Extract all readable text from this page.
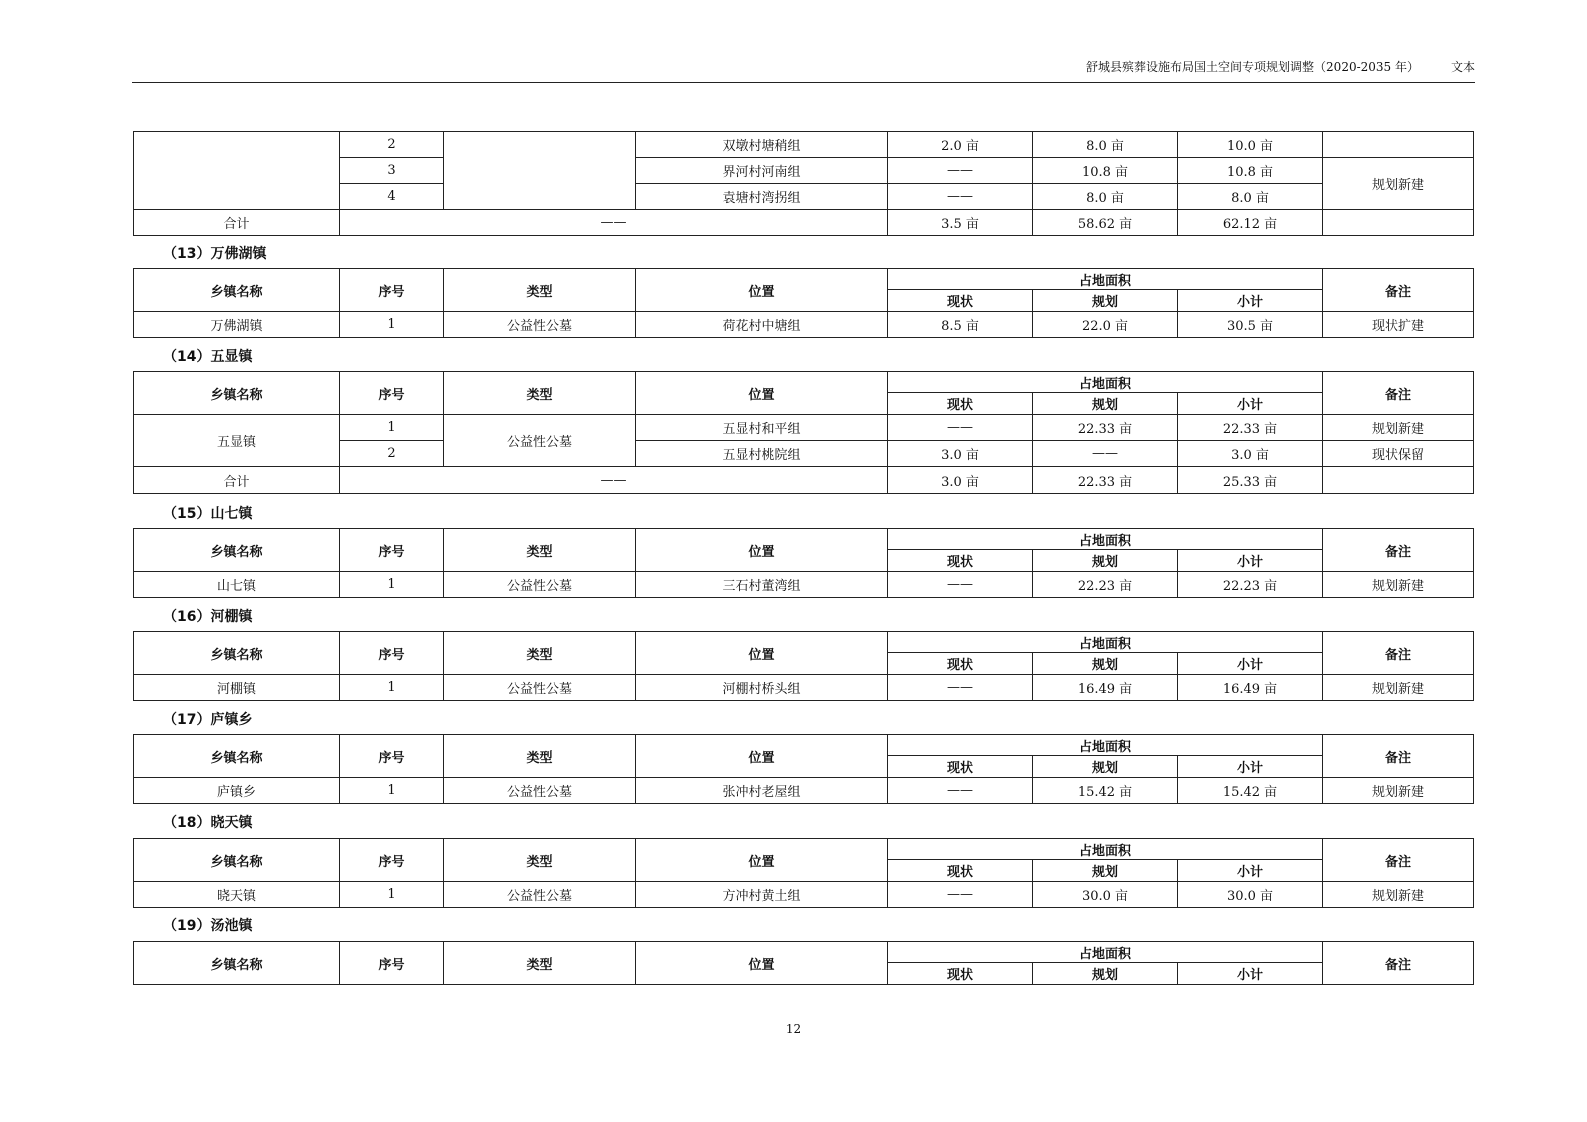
舒城县殡葬设施布局国土空间专项规划调整（2020-2035 年）	文本
	2		双墩村塘稍组	2.0 亩	8.0 亩	10.0 亩	
	3		界河村河南组	——	10.8 亩	10.8 亩	规划新建
	4		袁塘村湾拐组	——	8.0 亩	8.0 亩	
合计	——			3.5 亩	58.62 亩	62.12 亩	
（13）万佛湖镇
乡镇名称	序号	类型	位置	占地面积			备注
				现状	规划	小计	
万佛湖镇	1	公益性公墓	荷花村中塘组	8.5 亩	22.0 亩	30.5 亩	现状扩建
（14）五显镇
乡镇名称	序号	类型	位置	占地面积			备注
				现状	规划	小计	
五显镇	1	公益性公墓	五显村和平组	——	22.33 亩	22.33 亩	规划新建
	2		五显村桃院组	3.0 亩	——	3.0 亩	现状保留
合计	——			3.0 亩	22.33 亩	25.33 亩	
（15）山七镇
乡镇名称	序号	类型	位置	占地面积			备注
				现状	规划	小计	
山七镇	1	公益性公墓	三石村董湾组	——	22.23 亩	22.23 亩	规划新建
（16）河棚镇
乡镇名称	序号	类型	位置	占地面积			备注
				现状	规划	小计	
河棚镇	1	公益性公墓	河棚村桥头组	——	16.49 亩	16.49 亩	规划新建
（17）庐镇乡
乡镇名称	序号	类型	位置	占地面积			备注
				现状	规划	小计	
庐镇乡	1	公益性公墓	张冲村老屋组	——	15.42 亩	15.42 亩	规划新建
（18）晓天镇
乡镇名称	序号	类型	位置	占地面积			备注
				现状	规划	小计	
晓天镇	1	公益性公墓	方冲村黄土组	——	30.0 亩	30.0 亩	规划新建
（19）汤池镇
乡镇名称	序号	类型	位置	占地面积			备注
				现状	规划	小计	
12
